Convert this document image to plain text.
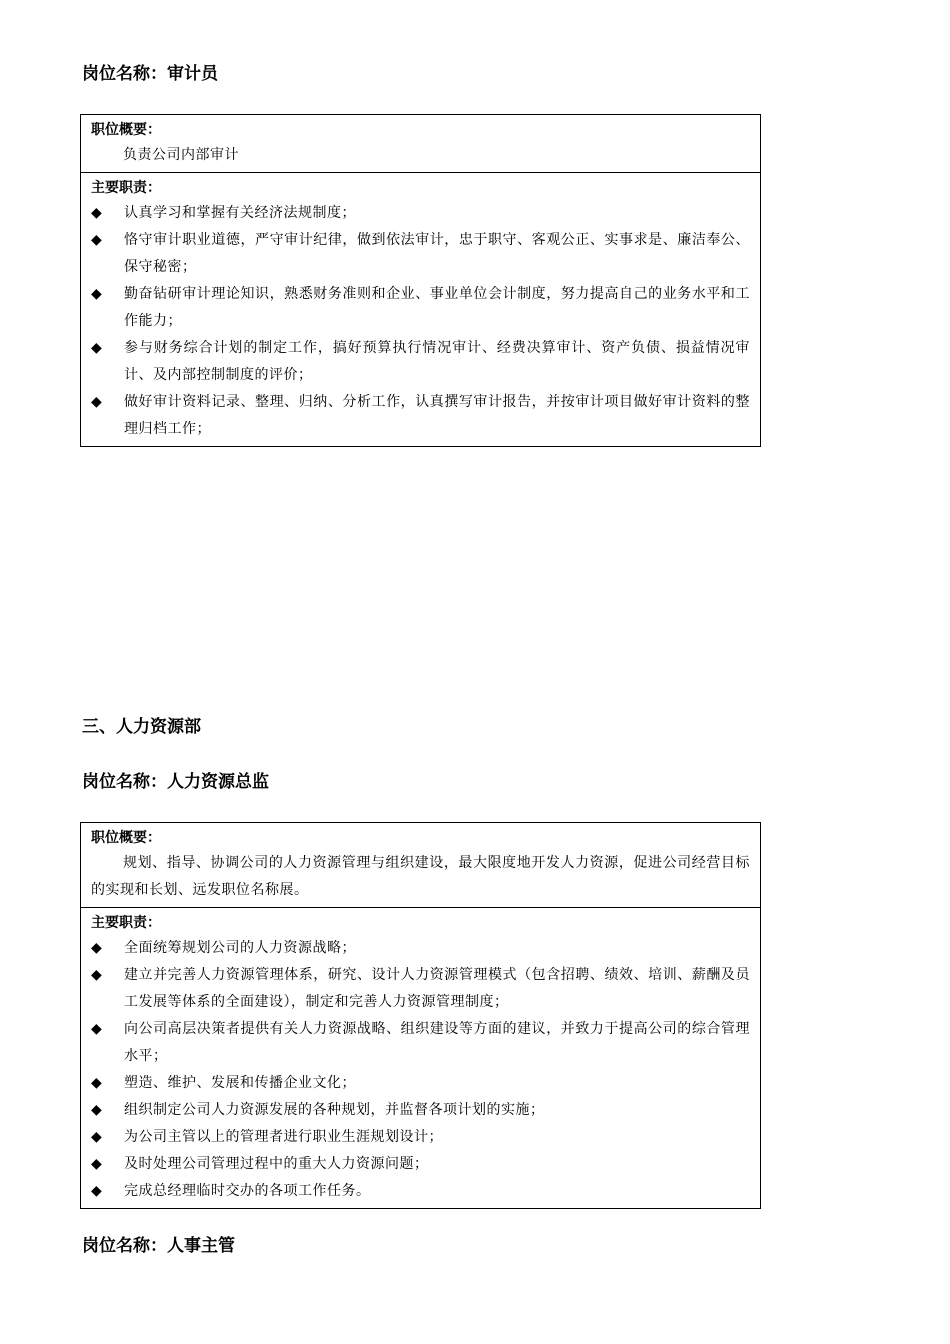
岗位名称：审计员
职位概要：
负责公司内部审计
主要职责：
◆ 认真学习和掌握有关经济法规制度；
◆ 恪守审计职业道德，严守审计纪律，做到依法审计，忠于职守、客观公正、实事求是、廉洁奉公、保守秘密；
◆ 勤奋钻研审计理论知识，熟悉财务准则和企业、事业单位会计制度，努力提高自己的业务水平和工作能力；
◆ 参与财务综合计划的制定工作，搞好预算执行情况审计、经费决算审计、资产负债、损益情况审计、及内部控制制度的评价；
◆ 做好审计资料记录、整理、归纳、分析工作，认真撰写审计报告，并按审计项目做好审计资料的整理归档工作；
三、人力资源部
岗位名称：人力资源总监
职位概要：
规划、指导、协调公司的人力资源管理与组织建设，最大限度地开发人力资源，促进公司经营目标的实现和长划、远发职位名称展。
主要职责：
◆ 全面统筹规划公司的人力资源战略；
◆ 建立并完善人力资源管理体系，研究、设计人力资源管理模式（包含招聘、绩效、培训、薪酬及员工发展等体系的全面建设），制定和完善人力资源管理制度；
◆ 向公司高层决策者提供有关人力资源战略、组织建设等方面的建议，并致力于提高公司的综合管理水平；
◆ 塑造、维护、发展和传播企业文化；
◆ 组织制定公司人力资源发展的各种规划，并监督各项计划的实施；
◆ 为公司主管以上的管理者进行职业生涯规划设计；
◆ 及时处理公司管理过程中的重大人力资源问题；
◆ 完成总经理临时交办的各项工作任务。
岗位名称：人事主管
